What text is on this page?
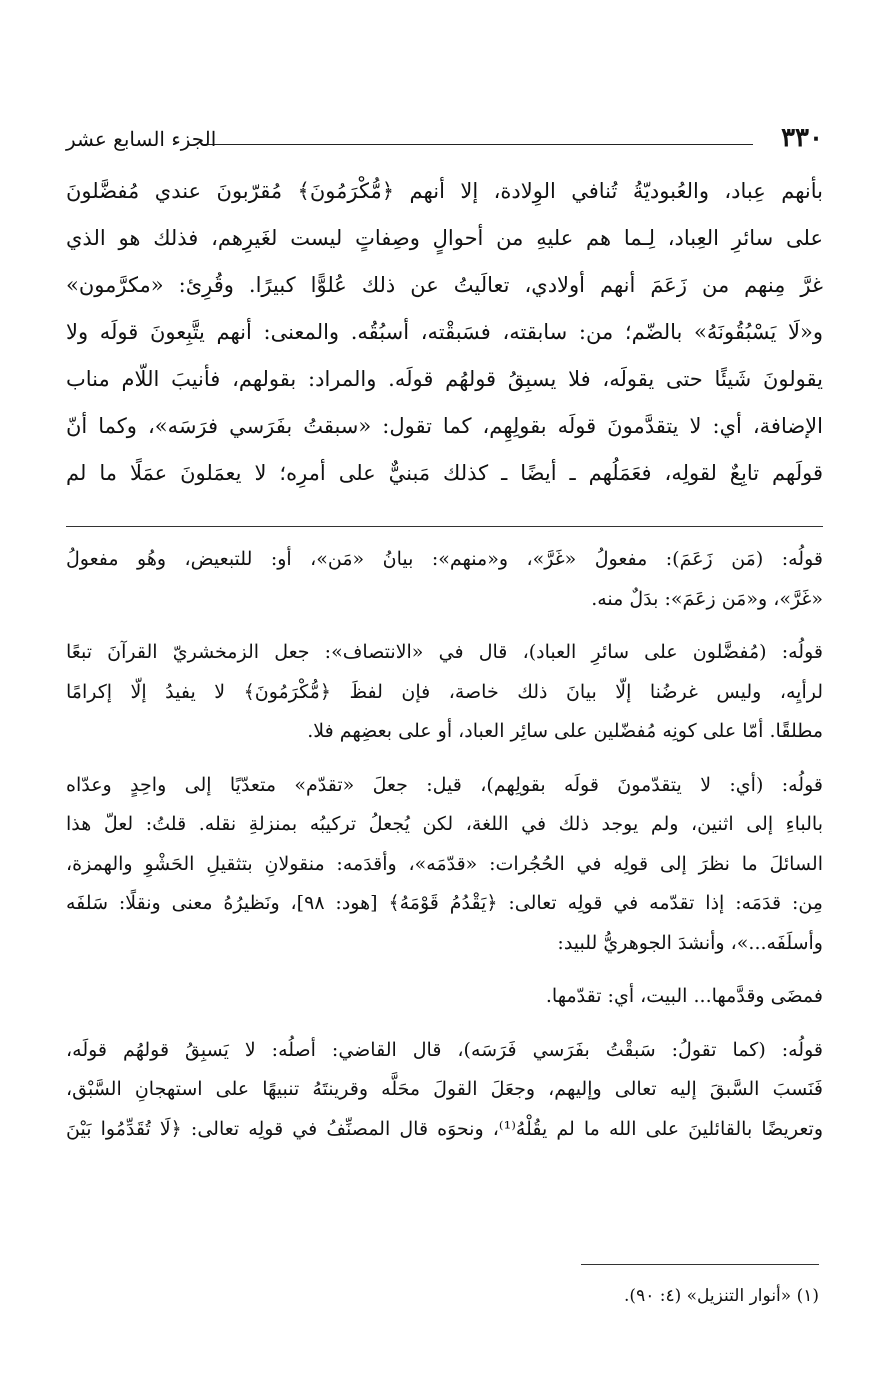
٣٣٠
الجزء السابع عشر
بأنهم عِباد، والعُبوديّةُ تُنافي الوِلادة، إلا أنهم ﴿مُّكْرَمُونَ﴾ مُقرّبونَ عندي مُفضَّلونَ
على سائرِ العِباد، لِـما هم عليهِ من أحوالٍ وصِفاتٍ ليست لغَيرِهم، فذلك هو الذي
غرَّ مِنهم من زَعَمَ أنهم أولادي، تعالَيتُ عن ذلك عُلوًّا كبيرًا. وقُرِئ: «مكرَّمون»
و«لَا يَسْبُقُونَهُ» بالضّم؛ من: سابقته، فسَبقْته، أسبُقُه. والمعنى: أنهم يتَّبِعونَ قولَه ولا
يقولونَ شَيئًا حتى يقولَه، فلا يسبِقُ قولهُم قولَه. والمراد: بقولهم، فأنيبَ اللّام مناب
الإضافة، أي: لا يتقدَّمونَ قولَه بقولِهِم، كما تقول: «سبقتُ بفَرَسي فرَسَه»، وكما أنّ
قولَهم تابِعٌ لقولِه، فعَمَلُهم ـ أيضًا ـ كذلك مَبنيٌّ على أمرِه؛ لا يعمَلونَ عمَلًا ما لم
قولُه: (مَن زَعَمَ): مفعولُ «غَرَّ»، و«منهم»: بيانُ «مَن»، أو: للتبعيض، وهُو مفعولُ
«غَرَّ»، و«مَن زعَمَ»: بدَلٌ منه.
قولُه: (مُفضَّلون على سائرِ العباد)، قال في «الانتصاف»: جعل الزمخشريّ القرآنَ تبعًا
لرأيِه، وليس غرضُنا إلّا بيانَ ذلك خاصة، فإن لفظَ ﴿مُّكْرَمُونَ﴾ لا يفيدُ إلّا إكرامًا
مطلقًا. أمّا على كونِه مُفضّلين على سائِر العباد، أو على بعضِهم فلا.
قولُه: (أي: لا يتقدّمونَ قولَه بقولِهم)، قيل: جعلَ «تقدّم» متعدّيًا إلى واحِدٍ وعدّاه
بالباءِ إلى اثنين، ولم يوجد ذلك في اللغة، لكن يُجعلُ تركيبُه بمنزلةِ نقله. قلتُ: لعلّ هذا
السائلَ ما نظرَ إلى قولِه في الحُجُرات: «قدّمَه»، وأقدَمه: منقولانِ بتثقيلِ الحَشْوِ والهمزة،
مِن: قدَمَه: إذا تقدّمه في قولِه تعالى: ﴿يَقْدُمُ قَوْمَهُ﴾ [هود: ٩٨]، ونَظيرُهُ معنى ونقلًا: سَلفَه
وأسلَفَه...»، وأنشدَ الجوهريُّ للبيد:
فمضَى وقدَّمها... البيت، أي: تقدّمها.
قولُه: (كما تقولُ: سَبقْتُ بفَرَسي فَرَسَه)، قال القاضي: أصلُه: لا يَسبِقُ قولهُم قولَه،
فَنَسبَ السَّبقَ إليه تعالى وإليهم، وجعَلَ القولَ محَلَّه وقرينتَهُ تنبيهًا على استهجانِ السَّبْق،
وتعريضًا بالقائلينَ على الله ما لم يقُلْهُ⁽¹⁾، ونحوَه قال المصنِّفُ في قولِه تعالى: ﴿لَا تُقَدِّمُوا بَيْنَ
(١) «أنوار التنزيل» (٤: ٩٠).
